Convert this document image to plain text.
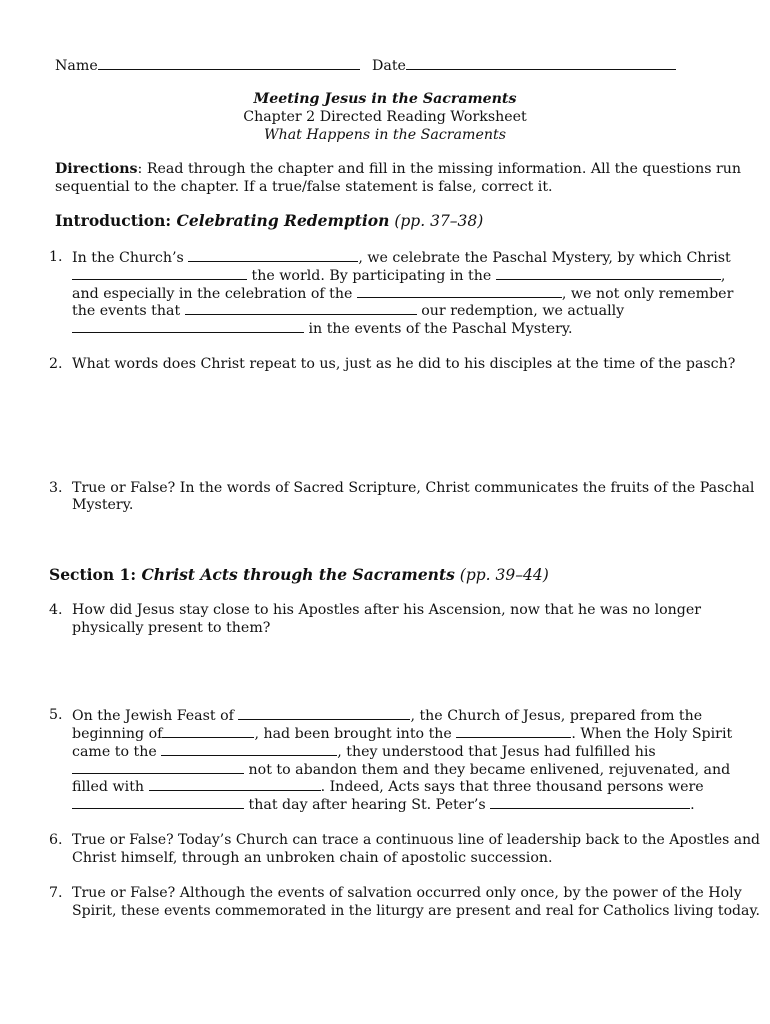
Name	Date
Meeting Jesus in the Sacraments
Chapter 2 Directed Reading Worksheet
What Happens in the Sacraments
Directions: Read through the chapter and fill in the missing information. All the questions run
sequential to the chapter. If a true/false statement is false, correct it.
Introduction: Celebrating Redemption (pp. 37–38)
1. In the Church’s	, we celebrate the Paschal Mystery, by which Christ
the world. By participating in the	,
and especially in the celebration of the	, we not only remember
the events that	our redemption, we actually
in the events of the Paschal Mystery.
2. What words does Christ repeat to us, just as he did to his disciples at the time of the pasch?
3. True or False? In the words of Sacred Scripture, Christ communicates the fruits of the Paschal
Mystery.
Section 1: Christ Acts through the Sacraments (pp. 39–44)
4. How did Jesus stay close to his Apostles after his Ascension, now that he was no longer
physically present to them?
5. On the Jewish Feast of	, the Church of Jesus, prepared from the
beginning of	, had been brought into the	. When the Holy Spirit
came to the	, they understood that Jesus had fulfilled his
not to abandon them and they became enlivened, rejuvenated, and
filled with	. Indeed, Acts says that three thousand persons were
that day after hearing St. Peter’s	.
6. True or False? Today’s Church can trace a continuous line of leadership back to the Apostles and
Christ himself, through an unbroken chain of apostolic succession.
7. True or False? Although the events of salvation occurred only once, by the power of the Holy
Spirit, these events commemorated in the liturgy are present and real for Catholics living today.
